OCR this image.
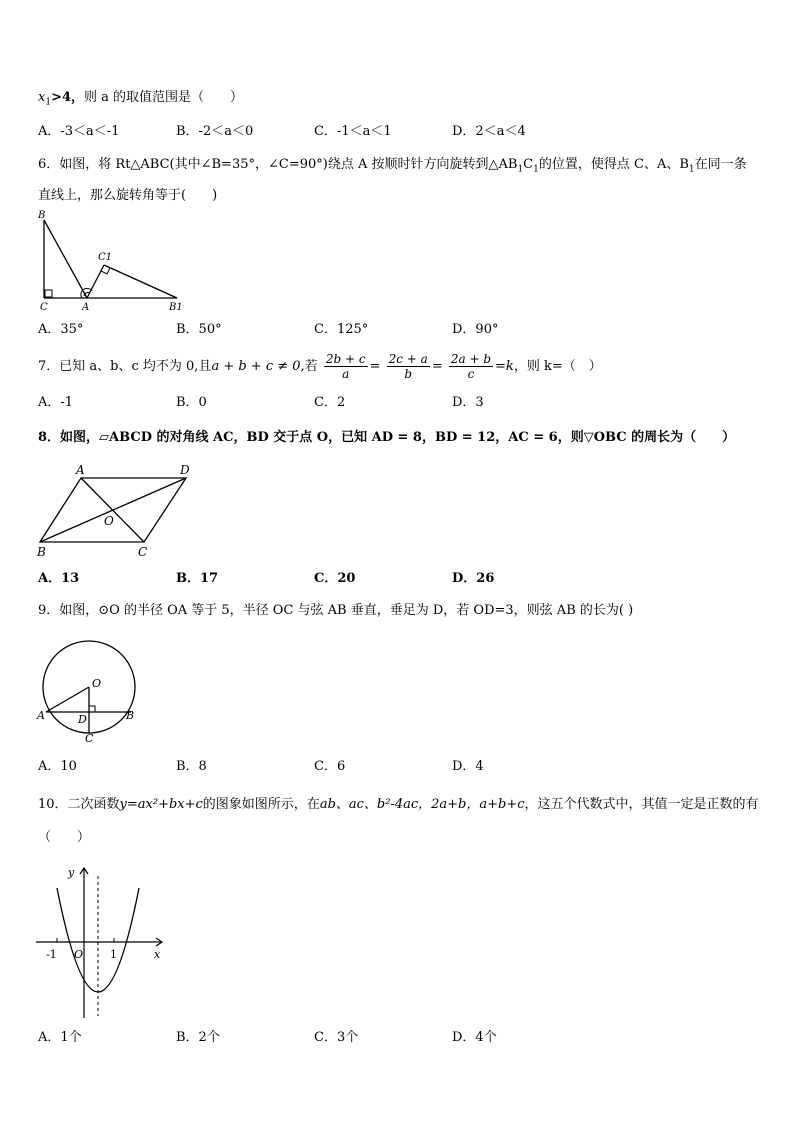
$x_1>4$，则 a 的取值范围是（　　）
A．-3＜a＜-1	B．-2＜a＜0	C．-1＜a＜1	D．2＜a＜4
6．如图，将 Rt△ABC(其中∠B=35°，∠C=90°)绕点 A 按顺时针方向旋转到$\triangle AB_1C_1$的位置，使得点 C、A、$B_1$在同一条
直线上，那么旋转角等于(　　)
B
C	A
C1
B1
A．35°	B．50°	C．125°	D．90°
7．已知 a、b、c 均不为 0,且a + b + c ≠ 0,若 $\frac{2b + c}{a} = \frac{2c + a}{b} = \frac{2a + b}{c} =k$，则 k=（　）
A．-1	B．0	C．2	D．3
8．如图，▱ABCD 的对角线 AC，BD 交于点 O，已知 AD = 8，BD = 12，AC = 6，则▽OBC 的周长为（　　）
A	D
O
B	C
A．13	B．17	C．20	D．26
9．如图，⊙O 的半径 OA 等于 5，半径 OC 与弦 AB 垂直，垂足为 D，若 OD=3，则弦 AB 的长为( )
O
A	D	B
C
A．10	B．8	C．6	D．4
10．二次函数y=ax²+bx+c的图象如图所示，在ab、ac、b²-4ac，2a+b，a+b+c，这五个代数式中，其值一定是正数的有
（　　）
y
x
-1 O 1
A．1个	B．2个	C．3个	D．4个
